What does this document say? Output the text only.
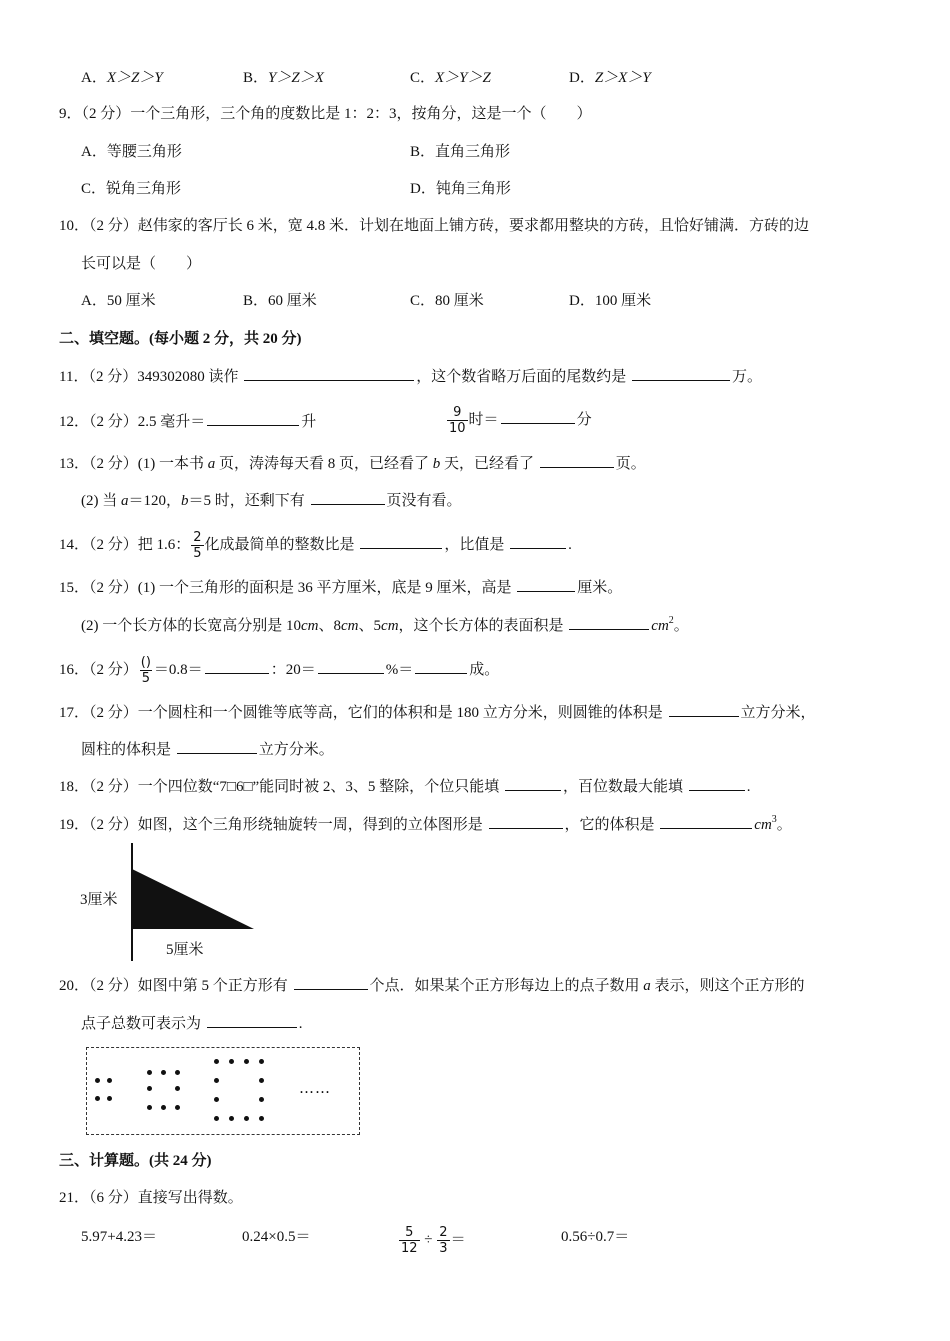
A．X＞Z＞Y	B．Y＞Z＞X	C．X＞Y＞Z	D．Z＞X＞Y
9．（2 分）一个三角形，三个角的度数比是 1：2：3，按角分，这是一个（　　）
A．等腰三角形	B．直角三角形
C．锐角三角形	D．钝角三角形
10．（2 分）赵伟家的客厅长 6 米，宽 4.8 米．计划在地面上铺方砖，要求都用整块的方砖，且恰好铺满．方砖的边
长可以是（　　）
A．50 厘米	B．60 厘米	C．80 厘米	D．100 厘米
二、填空题。(每小题 2 分，共 20 分)
11．（2 分）349302080 读作	，这个数省略万后面的尾数约是	万。
12．（2 分）2.5 毫升＝	升	$\frac{9}{10}$ 时＝	分
13．（2 分）(1) 一本书 a 页，涛涛每天看 8 页，已经看了 b 天，已经看了	页。
(2) 当 a＝120，b＝5 时，还剩下有	页没有看。
14．（2 分）把 1.6： $\frac{2}{5}$ 化成最简单的整数比是	，比值是	.
15．（2 分）(1) 一个三角形的面积是 36 平方厘米，底是 9 厘米，高是	厘米。
(2) 一个长方体的长宽高分别是 10cm、8cm、5cm，这个长方体的表面积是	$cm^2$。
16．（2 分） $\frac{()}{5} =0.8=$	：20＝	%＝	成。
17．（2 分）一个圆柱和一个圆锥等底等高，它们的体积和是 180 立方分米，则圆锥的体积是	立方分米，
圆柱的体积是	立方分米。
18．（2 分）一个四位数“7□6□”能同时被 2、3、5 整除，个位只能填	，百位数最大能填	.
19．（2 分）如图，这个三角形绕轴旋转一周，得到的立体图形是	，它的体积是	$cm^3$。
3厘米
5厘米
20．（2 分）如图中第 5 个正方形有	个点．如果某个正方形每边上的点子数用 a 表示，则这个正方形的
点子总数可表示为	.
……
三、计算题。(共 24 分)
21．（6 分）直接写出得数。
5.97+4.23＝	0.24×0.5＝	$\frac{5}{12} \div \frac{2}{3}$ ＝	0.56÷0.7＝
